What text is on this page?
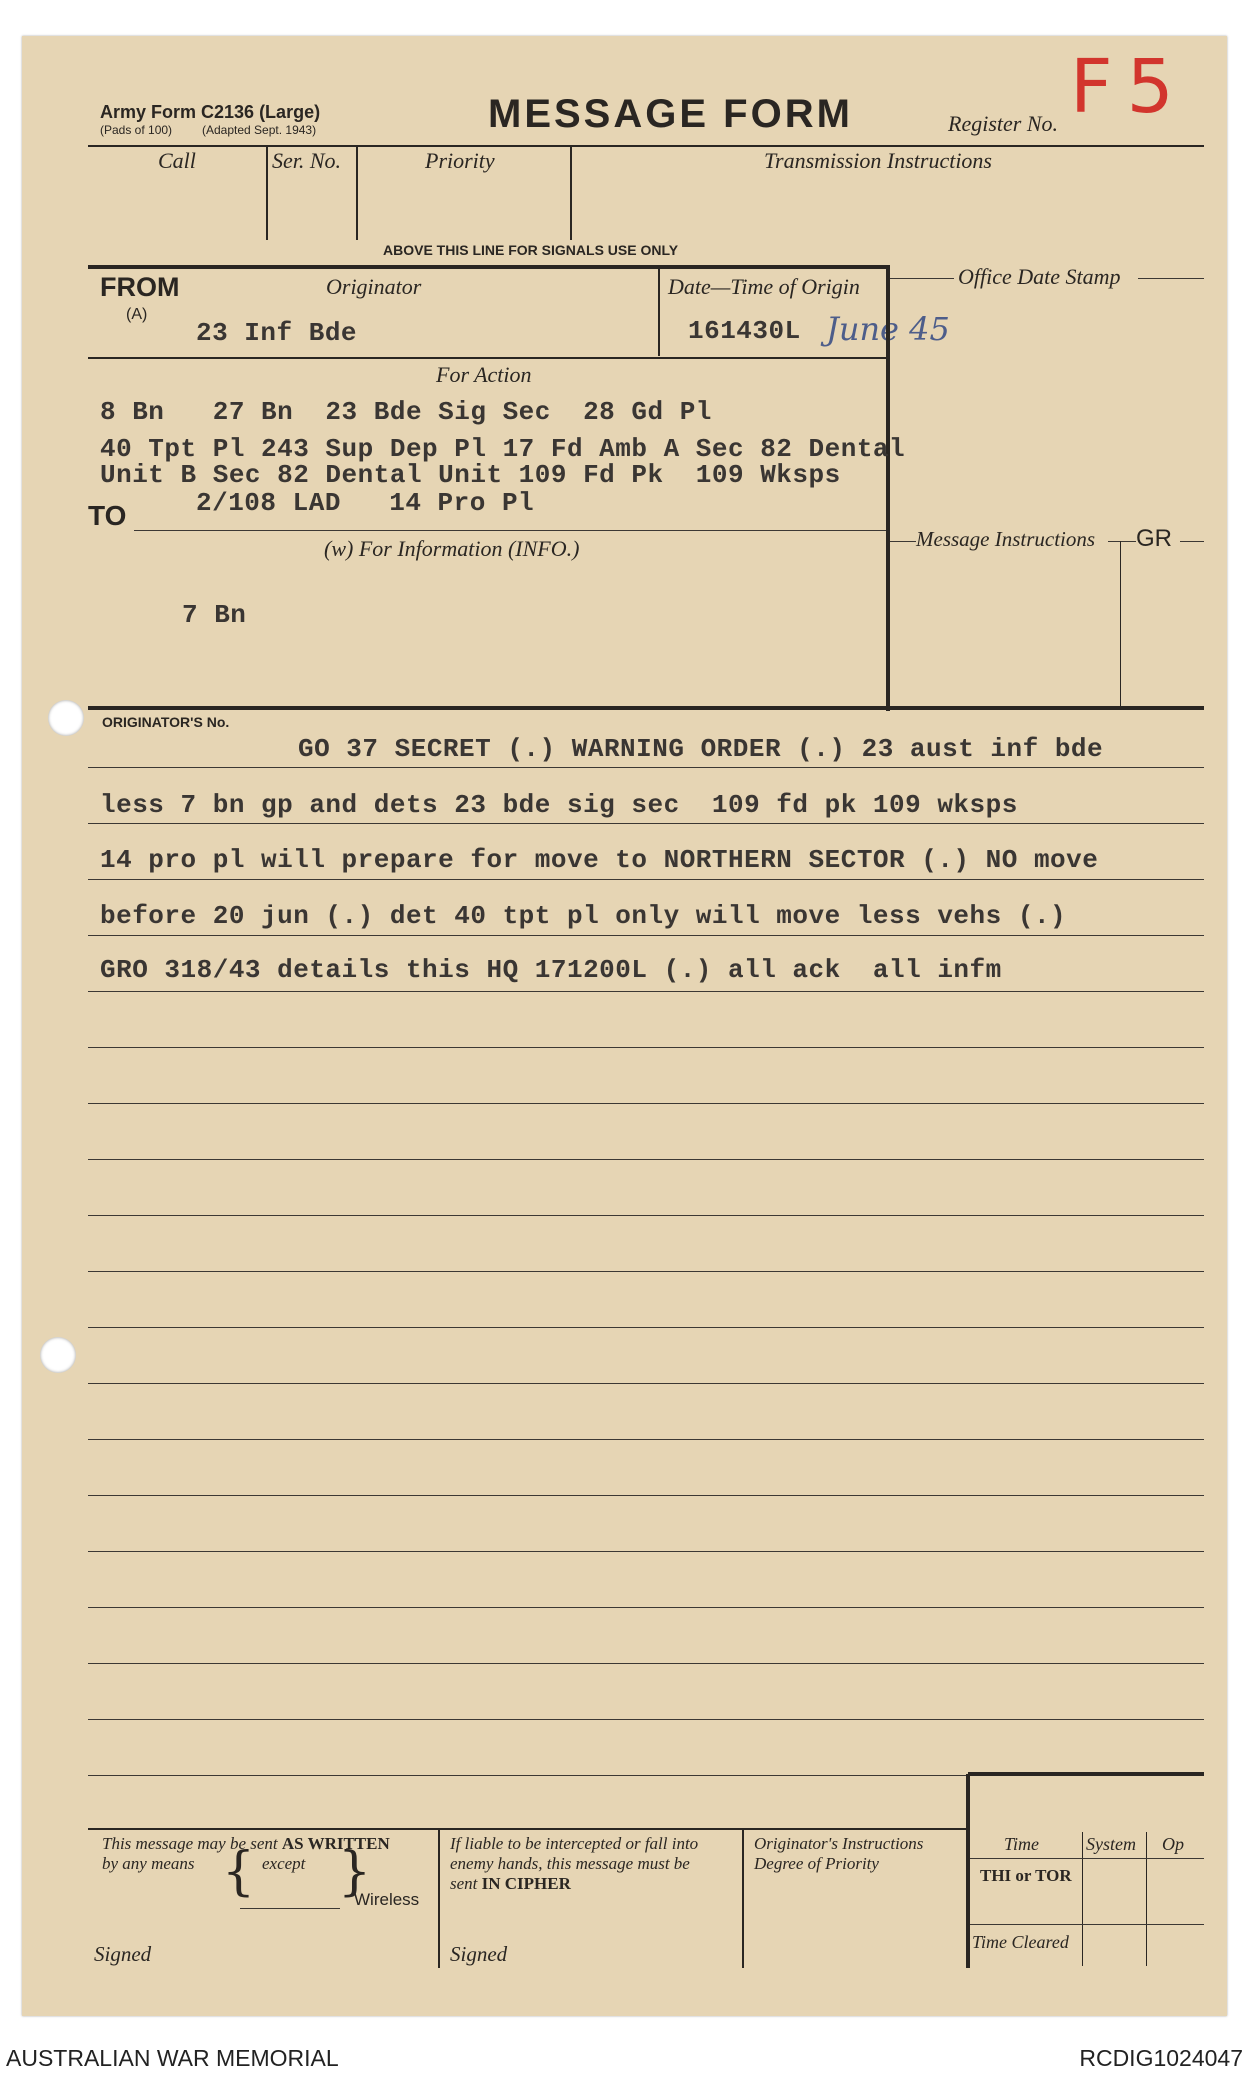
Army Form C2136 (Large)
(Pads of 100) (Adapted Sept. 1943)	MESSAGE FORM	Register No. F5
Call	Ser. No.	Priority	Transmission Instructions
ABOVE THIS LINE FOR SIGNALS USE ONLY
FROM
(A)
Originator
23 Inf Bde
Date—Time of Origin
161430L June 45
Office Date Stamp
For Action
8 Bn   27 Bn  23 Bde Sig Sec  28 Gd Pl
40 Tpt Pl 243 Sup Dep Pl 17 Fd Amb A Sec 82 Dental
Unit B Sec 82 Dental Unit 109 Fd Pk  109 Wksps
2/108 LAD   14 Pro Pl
TO
(w) For Information (INFO.)
7 Bn
Message Instructions GR
ORIGINATOR'S No.
GO 37 SECRET (.) WARNING ORDER (.) 23 aust inf bde
less 7 bn gp and dets 23 bde sig sec  109 fd pk 109 wksps
14 pro pl will prepare for move to NORTHERN SECTOR (.) NO move
before 20 jun (.) det 40 tpt pl only will move less vehs (.)
GRO 318/43 details this HQ 171200L (.) all ack  all infm
This message may be sent AS WRITTEN
by any means	except
{ }
Wireless
Signed
If liable to be intercepted or fall into
enemy hands, this message must be
sent IN CIPHER
Signed
Originator's Instructions
Degree of Priority
Time	System Op
THI or TOR
Time Cleared
AUSTRALIAN WAR MEMORIAL	RCDIG1024047
